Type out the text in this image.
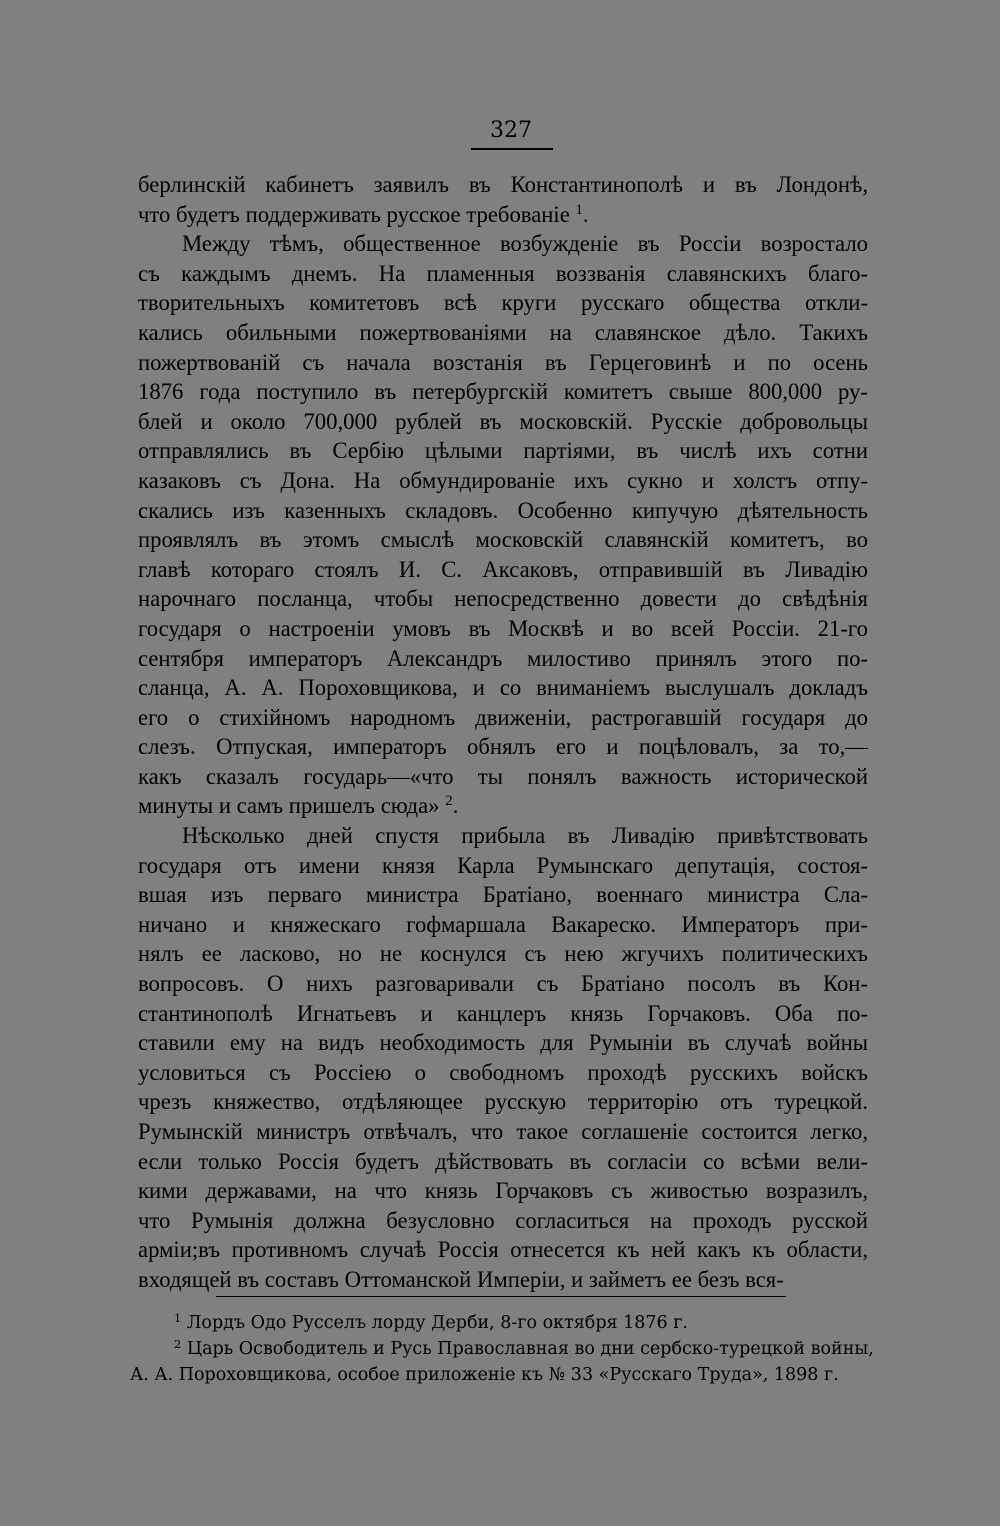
327

берлинскій кабинетъ заявилъ въ Константинополѣ и въ Лондонѣ,
что будетъ поддерживать русское требованіе $^1$.

Между тѣмъ, общественное возбужденіе въ Россіи возростало
съ каждымъ днемъ. На пламенныя воззванія славянскихъ благо-
творительныхъ комитетовъ всѣ круги русскаго общества откли-
кались обильными пожертвованіями на славянское дѣло. Такихъ
пожертвованій съ начала возстанія въ Герцеговинѣ и по осень
1876 года поступило въ петербургскій комитетъ свыше 800,000 ру-
блей и около 700,000 рублей въ московскій. Русскіе добровольцы
отправлялись въ Сербію цѣлыми партіями, въ числѣ ихъ сотни
казаковъ съ Дона. На обмундированіе ихъ сукно и холстъ отпу-
скались изъ казенныхъ складовъ. Особенно кипучую дѣятельность
проявлялъ въ этомъ смыслѣ московскій славянскій комитетъ, во
главѣ котораго стоялъ И. С. Аксаковъ, отправившій въ Ливадію
нарочнаго посланца, чтобы непосредственно довести до свѣдѣнія
государя о настроеніи умовъ въ Москвѣ и во всей Россіи. 21-го
сентября императоръ Александръ милостиво принялъ этого по-
сланца, А. А. Пороховщикова, и со вниманіемъ выслушалъ докладъ
его о стихійномъ народномъ движеніи, растрогавшій государя до
слезъ. Отпуская, императоръ обнялъ его и поцѣловалъ, за то,—
какъ сказалъ государь—«что ты понялъ важность исторической
минуты и самъ пришелъ сюда» $^2$.

Нѣсколько дней спустя прибыла въ Ливадію привѣтствовать
государя отъ имени князя Карла Румынскаго депутація, состоя-
вшая изъ перваго министра Братіано, военнаго министра Сла-
ничано и княжескаго гофмаршала Вакареско. Императоръ при-
нялъ ее ласково, но не коснулся съ нею жгучихъ политическихъ
вопросовъ. О нихъ разговаривали съ Братіано посолъ въ Кон-
стантинополѣ Игнатьевъ и канцлеръ князь Горчаковъ. Оба по-
ставили ему на видъ необходимость для Румыніи въ случаѣ войны
условиться съ Россіею о свободномъ проходѣ русскихъ войскъ
чрезъ княжество, отдѣляющее русскую территорію отъ турецкой.
Румынскій министръ отвѣчалъ, что такое соглашеніе состоится легко,
если только Россія будетъ дѣйствовать въ согласіи со всѣми вели-
кими державами, на что князь Горчаковъ съ живостью возразилъ,
что Румынія должна безусловно согласиться на проходъ русской
арміи;въ противномъ случаѣ Россія отнесется къ ней какъ къ области,
входящей въ составъ Оттоманской Имперіи, и займетъ ее безъ вся-

$^1$ Лордъ Одо Русселъ лорду Дерби, 8-го октября 1876 г.
$^2$ Царь Освободитель и Русь Православная во дни сербско-турецкой войны,
А. А. Пороховщикова, особое приложеніе къ № 33 «Русскаго Труда», 1898 г.
